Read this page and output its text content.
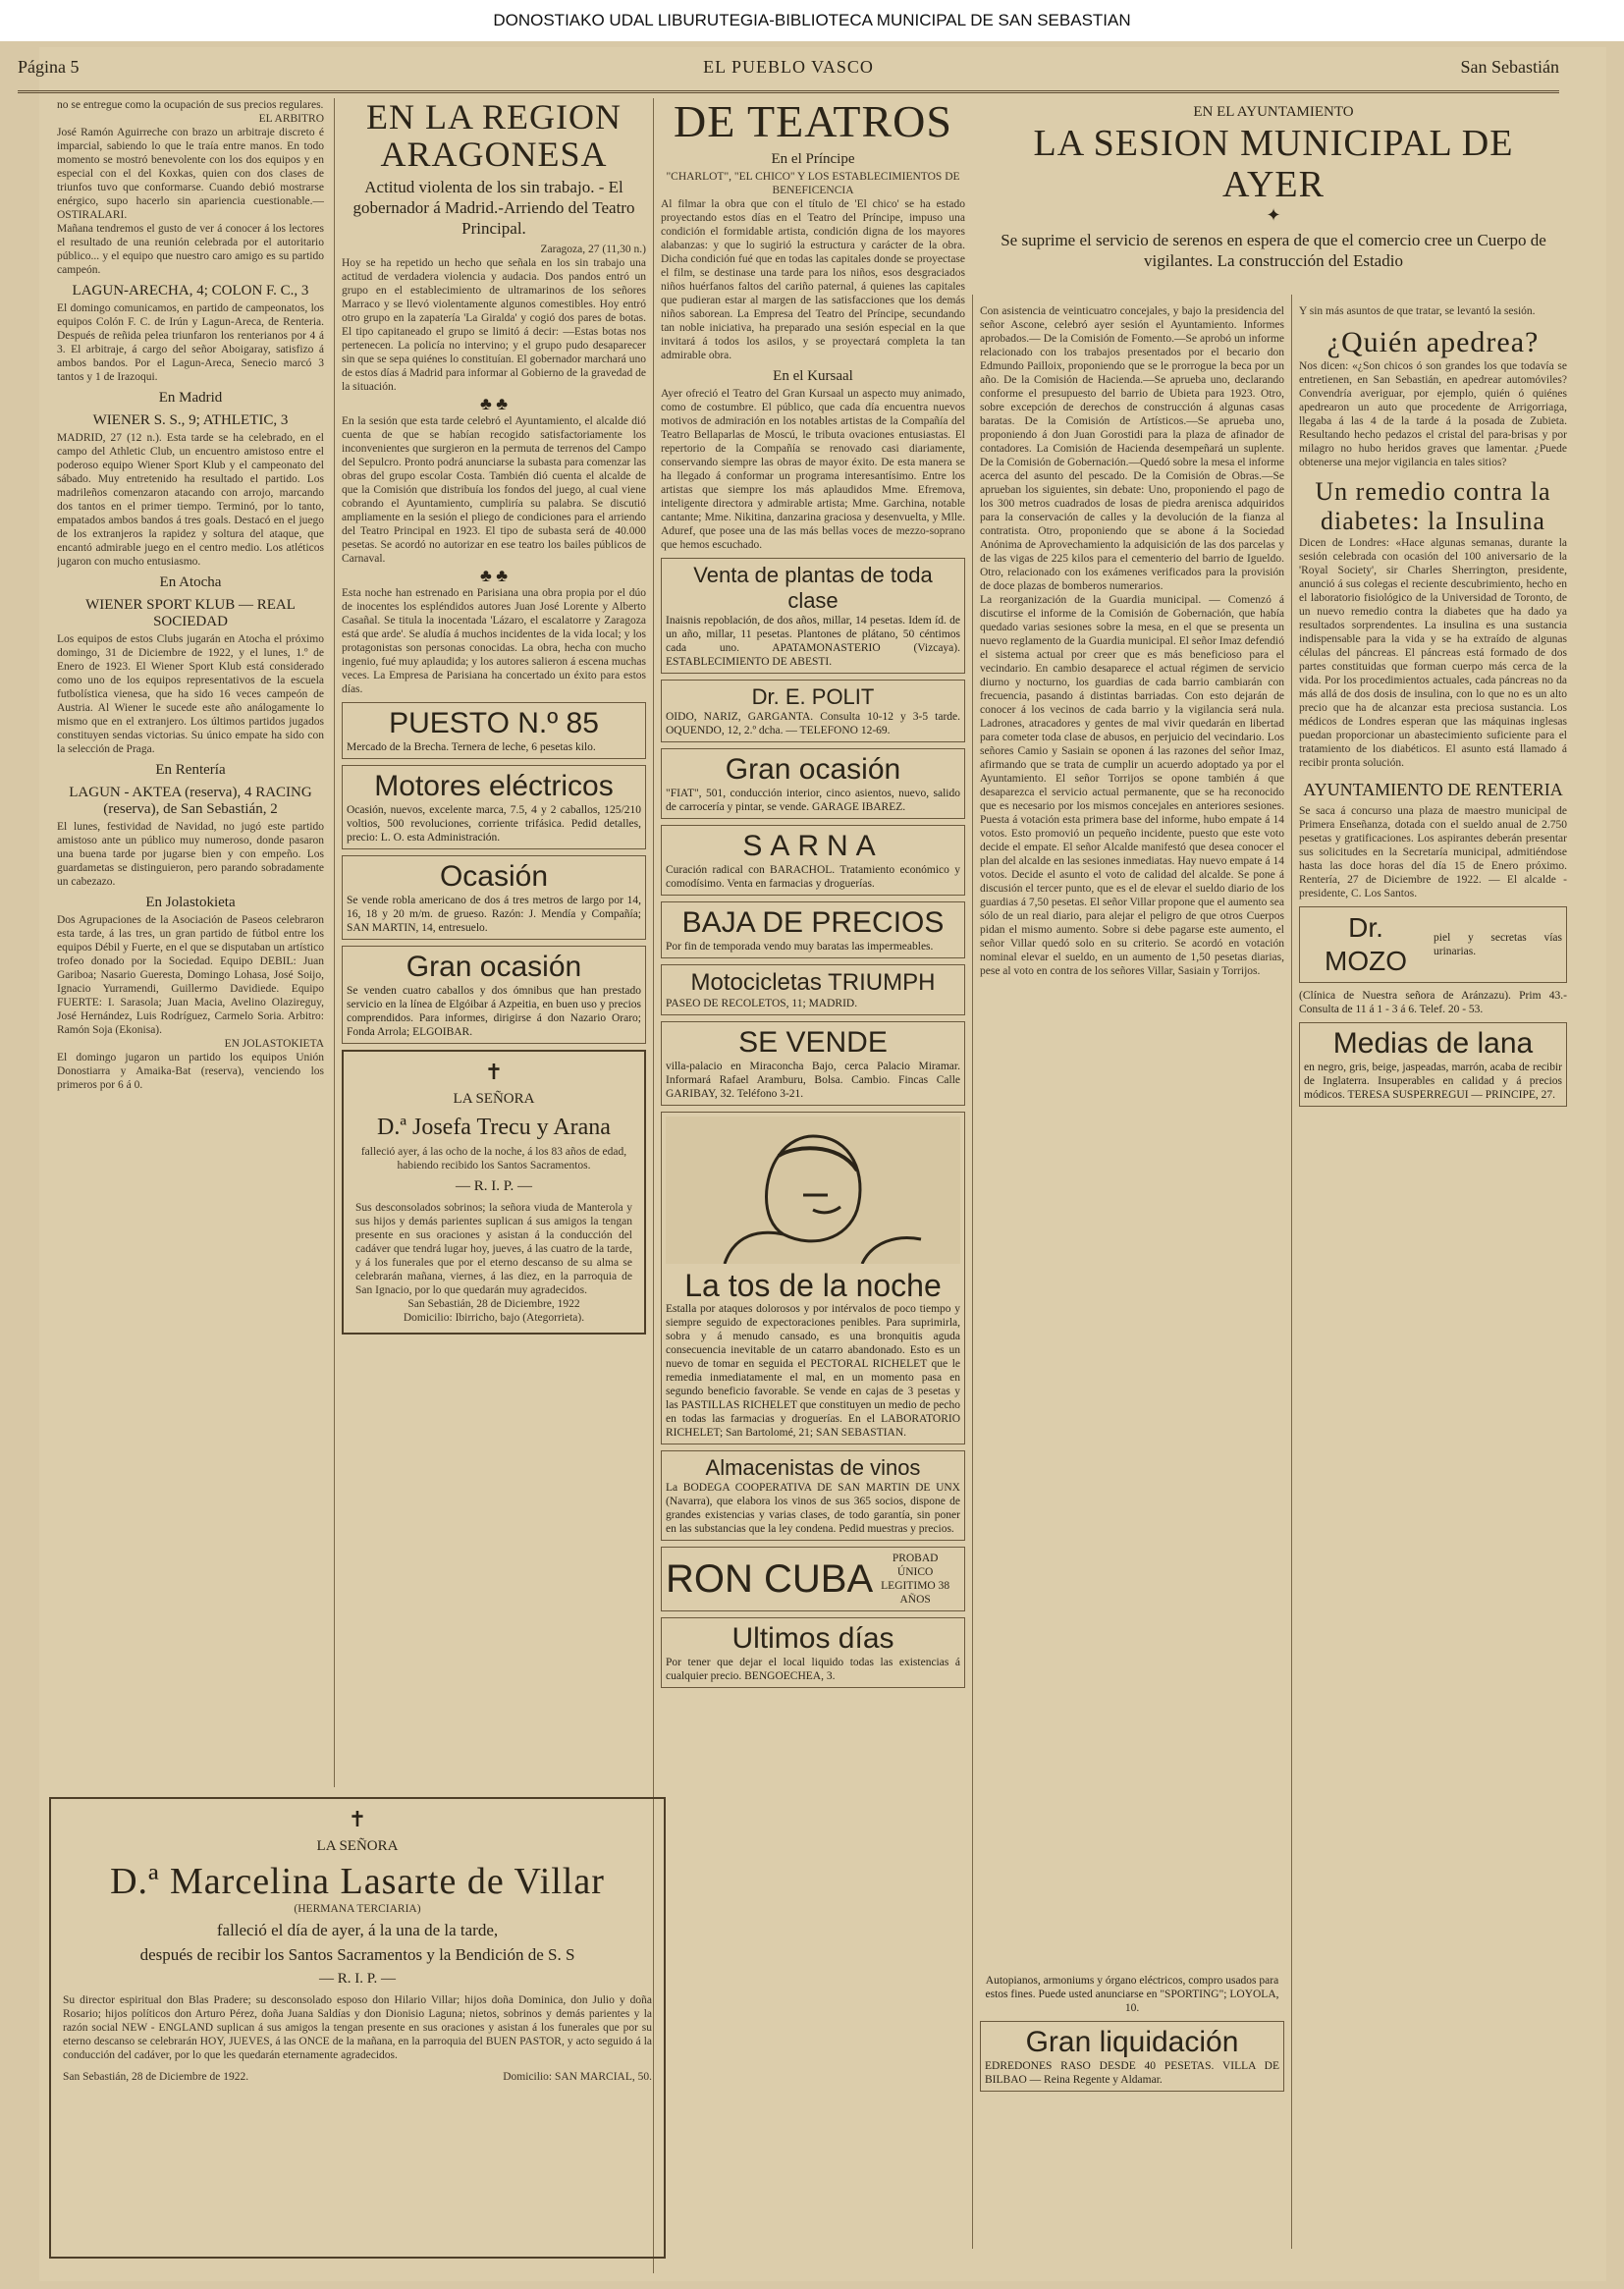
DONOSTIAKO UDAL LIBURUTEGIA-BIBLIOTECA MUNICIPAL DE SAN SEBASTIAN
Página 5	EL PUEBLO VASCO	San Sebastián
no se entregue como la ocupación de sus precios regulares.
EL ARBITRO
José Ramón Aguirreche con brazo un arbitraje discreto é imparcial, sabiendo lo que le traía entre manos. En todo momento se mostró benevolente con los dos equipos y en especial con el del Koxkas, quien con dos clases de triunfos tuvo que conformarse. Cuando debió mostrarse enérgico, supo hacerlo sin apariencia cuestionable.— OSTIRALARI.
Mañana tendremos el gusto de ver á conocer á los lectores el resultado de una reunión celebrada por el autoritario público... y el equipo que nuestro caro amigo es su partido campeón.
LAGUN-ARECHA, 4; COLON F. C., 3
El domingo comunicamos, en partido de campeonatos, los equipos Colón F. C. de Irún y Lagun-Areca, de Renteria. Después de reñida pelea triunfaron los renterianos por 4 á 3. El arbitraje, á cargo del señor Aboigaray, satisfizo á ambos bandos. Por el Lagun-Areca, Senecio marcó 3 tantos y 1 de Irazoqui.
En Madrid
WIENER S. S., 9; ATHLETIC, 3
MADRID, 27 (12 n.). Esta tarde se ha celebrado, en el campo del Athletic Club, un encuentro amistoso entre el poderoso equipo Wiener Sport Klub y el campeonato del sábado. Muy entretenido ha resultado el partido. Los madrileños comenzaron atacando con arrojo, marcando dos tantos en el primer tiempo. Terminó, por lo tanto, empatados ambos bandos á tres goals. Destacó en el juego de los extranjeros la rapidez y soltura del ataque, que encantó admirable juego en el centro medio. Los atléticos jugaron con mucho entusiasmo.
En Atocha
WIENER SPORT KLUB — REAL SOCIEDAD
Los equipos de estos Clubs jugarán en Atocha el próximo domingo, 31 de Diciembre de 1922, y el lunes, 1.º de Enero de 1923. El Wiener Sport Klub está considerado como uno de los equipos representativos de la escuela futbolística vienesa, que ha sido 16 veces campeón de Austria. Al Wiener le sucede este año análogamente lo mismo que en el extranjero. Los últimos partidos jugados constituyen sendas victorias. Su único empate ha sido con la selección de Praga.
En Rentería
LAGUN - AKTEA (reserva), 4 RACING (reserva), de San Sebastián, 2
El lunes, festividad de Navidad, no jugó este partido amistoso ante un público muy numeroso, donde pasaron una buena tarde por jugarse bien y con empeño. Los guardametas se distinguieron, pero parando sobradamente un cabezazo.
En Jolastokieta
Dos Agrupaciones de la Asociación de Paseos celebraron esta tarde, á las tres, un gran partido de fútbol entre los equipos Débil y Fuerte, en el que se disputaban un artístico trofeo donado por la Sociedad. Equipo DEBIL: Juan Gariboa; Nasario Gueresta, Domingo Lohasa, José Soijo, Ignacio Yurramendi, Guillermo Davidiede. Equipo FUERTE: I. Sarasola; Juan Macia, Avelino Olazireguy, José Hernández, Luis Rodríguez, Carmelo Soria. Arbitro: Ramón Soja (Ekonisa).
EN JOLASTOKIETA
El domingo jugaron un partido los equipos Unión Donostiarra y Amaika-Bat (reserva), venciendo los primeros por 6 á 0.
EN LA REGION ARAGONESA
Actitud violenta de los sin trabajo. - El gobernador á Madrid.-Arriendo del Teatro Principal.
Zaragoza, 27 (11,30 n.)
Hoy se ha repetido un hecho que señala en los sin trabajo una actitud de verdadera violencia y audacia. Dos pandos entró un grupo en el establecimiento de ultramarinos de los señores Marraco y se llevó violentamente algunos comestibles. Hoy entró otro grupo en la zapatería 'La Giralda' y cogió dos pares de botas. El tipo capitaneado el grupo se limitó á decir: —Estas botas nos pertenecen. La policía no intervino; y el grupo pudo desaparecer sin que se sepa quiénes lo constituían. El gobernador marchará uno de estos días á Madrid para informar al Gobierno de la gravedad de la situación.
♣ ♣
En la sesión que esta tarde celebró el Ayuntamiento, el alcalde dió cuenta de que se habían recogido satisfactoriamente los inconvenientes que surgieron en la permuta de terrenos del Campo del Sepulcro. Pronto podrá anunciarse la subasta para comenzar las obras del grupo escolar Costa. También dió cuenta el alcalde de que la Comisión que distribuía los fondos del juego, al cual viene cobrando el Ayuntamiento, cumpliría su palabra. Se discutió ampliamente en la sesión el pliego de condiciones para el arriendo del Teatro Principal en 1923. El tipo de subasta será de 40.000 pesetas. Se acordó no autorizar en ese teatro los bailes públicos de Carnaval.
♣ ♣
Esta noche han estrenado en Parisiana una obra propia por el dúo de inocentes los espléndidos autores Juan José Lorente y Alberto Casañal. Se titula la inocentada 'Lázaro, el escalatorre y Zaragoza está que arde'. Se aludía á muchos incidentes de la vida local; y los protagonistas son personas conocidas. La obra, hecha con mucho ingenio, fué muy aplaudida; y los autores salieron á escena muchas veces. La Empresa de Parisiana ha concertado un éxito para estos días.
PUESTO N.º 85
Mercado de la Brecha. Ternera de leche, 6 pesetas kilo.
Motores eléctricos
Ocasión, nuevos, excelente marca, 7.5, 4 y 2 caballos, 125/210 voltios, 500 revoluciones, corriente trifásica. Pedid detalles, precio: L. O. esta Administración.
Ocasión
Se vende robla americano de dos á tres metros de largo por 14, 16, 18 y 20 m/m. de grueso. Razón: J. Mendía y Compañía; SAN MARTIN, 14, entresuelo.
Gran ocasión
Se venden cuatro caballos y dos ómnibus que han prestado servicio en la línea de Elgóibar á Azpeitia, en buen uso y precios comprendidos. Para informes, dirigirse á don Nazario Oraro; Fonda Arrola; ELGOIBAR.
✝
LA SEÑORA
D.ª Josefa Trecu y Arana
falleció ayer, á las ocho de la noche, á los 83 años de edad, habiendo recibido los Santos Sacramentos.
— R. I. P. —
Sus desconsolados sobrinos; la señora viuda de Manterola y sus hijos y demás parientes suplican á sus amigos la tengan presente en sus oraciones y asistan á la conducción del cadáver que tendrá lugar hoy, jueves, á las cuatro de la tarde, y á los funerales que por el eterno descanso de su alma se celebrarán mañana, viernes, á las diez, en la parroquia de San Ignacio, por lo que quedarán muy agradecidos.
San Sebastián, 28 de Diciembre, 1922
Domicilio: Ibirricho, bajo (Ategorrieta).
DE TEATROS
En el Príncipe
"CHARLOT", "EL CHICO" Y LOS ESTABLECIMIENTOS DE BENEFICENCIA
Al filmar la obra que con el título de 'El chico' se ha estado proyectando estos días en el Teatro del Príncipe, impuso una condición el formidable artista, condición digna de los mayores alabanzas: y que lo sugirió la estructura y carácter de la obra. Dicha condición fué que en todas las capitales donde se proyectase el film, se destinase una tarde para los niños, esos desgraciados niños huérfanos faltos del cariño paternal, á quienes las capitales que pudieran estar al margen de las satisfacciones que los demás niños saborean. La Empresa del Teatro del Príncipe, secundando tan noble iniciativa, ha preparado una sesión especial en la que invitará á todos los asilos, y se proyectará completa la tan admirable obra.
En el Kursaal
Ayer ofreció el Teatro del Gran Kursaal un aspecto muy animado, como de costumbre. El público, que cada día encuentra nuevos motivos de admiración en los notables artistas de la Compañía del Teatro Bellaparlas de Moscú, le tributa ovaciones entusiastas. El repertorio de la Compañía se renovado casi diariamente, conservando siempre las obras de mayor éxito. De esta manera se ha llegado á conformar un programa interesantísimo. Entre los artistas que siempre los más aplaudidos Mme. Efremova, inteligente directora y admirable artista; Mme. Garchina, notable cantante; Mme. Nikitina, danzarina graciosa y desenvuelta, y Mlle. Aduref, que posee una de las más bellas voces de mezzo-soprano que hemos escuchado.
Venta de plantas de toda clase
Inaisnis repoblación, de dos años, millar, 14 pesetas. Idem íd. de un año, millar, 11 pesetas. Plantones de plátano, 50 céntimos cada uno. APATAMONASTERIO (Vizcaya). ESTABLECIMIENTO DE ABESTI.
Dr. E. POLIT
OIDO, NARIZ, GARGANTA. Consulta 10-12 y 3-5 tarde. OQUENDO, 12, 2.º dcha. — TELEFONO 12-69.
Gran ocasión
"FIAT", 501, conducción interior, cinco asientos, nuevo, salido de carrocería y pintar, se vende. GARAGE IBAREZ.
SARNA
Curación radical con BARACHOL. Tratamiento económico y comodísimo. Venta en farmacias y droguerías.
BAJA DE PRECIOS
Por fin de temporada vendo muy baratas las impermeables.
Motocicletas TRIUMPH
PASEO DE RECOLETOS, 11; MADRID.
SE VENDE
villa-palacio en Miraconcha Bajo, cerca Palacio Miramar. Informará Rafael Aramburu, Bolsa. Cambio. Fincas Calle GARIBAY, 32. Teléfono 3-21.
La tos de la noche
Estalla por ataques dolorosos y por intérvalos de poco tiempo y siempre seguido de expectoraciones penibles. Para suprimirla, sobra y á menudo cansado, es una bronquitis aguda consecuencia inevitable de un catarro abandonado. Esto es un nuevo de tomar en seguida el PECTORAL RICHELET que le remedia inmediatamente el mal, en un momento pasa en segundo beneficio favorable. Se vende en cajas de 3 pesetas y las PASTILLAS RICHELET que constituyen un medio de pecho en todas las farmacias y droguerías. En el LABORATORIO RICHELET; San Bartolomé, 21; SAN SEBASTIAN.
Almacenistas de vinos
La BODEGA COOPERATIVA DE SAN MARTIN DE UNX (Navarra), que elabora los vinos de sus 365 socios, dispone de grandes existencias y varias clases, de todo garantía, sin poner en las substancias que la ley condena. Pedid muestras y precios.
RON CUBA	PROBAD ÚNICO LEGITIMO 38 AÑOS
Ultimos días
Por tener que dejar el local liquido todas las existencias á cualquier precio. BENGOECHEA, 3.
EN EL AYUNTAMIENTO
LA SESION MUNICIPAL DE AYER
✦
Se suprime el servicio de serenos en espera de que el comercio cree un Cuerpo de vigilantes. La construcción del Estadio
Con asistencia de veinticuatro concejales, y bajo la presidencia del señor Ascone, celebró ayer sesión el Ayuntamiento. Informes aprobados.— De la Comisión de Fomento.—Se aprobó un informe relacionado con los trabajos presentados por el becario don Edmundo Pailloix, proponiendo que se le prorrogue la beca por un año. De la Comisión de Hacienda.—Se aprueba uno, declarando conforme el presupuesto del barrio de Ubieta para 1923. Otro, sobre excepción de derechos de construcción á algunas casas baratas. De la Comisión de Artísticos.—Se aprueba uno, proponiendo á don Juan Gorostidi para la plaza de afinador de contadores. La Comisión de Hacienda desempeñará un suplente. De la Comisión de Gobernación.—Quedó sobre la mesa el informe acerca del asunto del pescado. De la Comisión de Obras.—Se aprueban los siguientes, sin debate: Uno, proponiendo el pago de los 300 metros cuadrados de losas de piedra arenisca adquiridos para la conservación de calles y la devolución de la fianza al contratista. Otro, proponiendo que se abone á la Sociedad Anónima de Aprovechamiento la adquisición de las dos parcelas y de las vigas de 225 kilos para el cementerio del barrio de Igueldo. Otro, relacionado con los exámenes verificados para la provisión de doce plazas de bomberos numerarios.
La reorganización de la Guardia municipal. — Comenzó á discutirse el informe de la Comisión de Gobernación, que había quedado varias sesiones sobre la mesa, en el que se presenta un nuevo reglamento de la Guardia municipal. El señor Imaz defendió el sistema actual por creer que es más beneficioso para el vecindario. En cambio desaparece el actual régimen de servicio diurno y nocturno, los guardias de cada barrio cambiarán con frecuencia, pasando á distintas barriadas. Con esto dejarán de conocer á los vecinos de cada barrio y la vigilancia será nula. Ladrones, atracadores y gentes de mal vivir quedarán en libertad para cometer toda clase de abusos, en perjuicio del vecindario. Los señores Camio y Sasiain se oponen á las razones del señor Imaz, afirmando que se trata de cumplir un acuerdo adoptado ya por el Ayuntamiento. El señor Torrijos se opone también á que desaparezca el servicio actual permanente, que se ha reconocido que es necesario por los mismos concejales en anteriores sesiones. Puesta á votación esta primera base del informe, hubo empate á 14 votos. Esto promovió un pequeño incidente, puesto que este voto decide el empate. El señor Alcalde manifestó que desea conocer el plan del alcalde en las sesiones inmediatas. Hay nuevo empate á 14 votos. Decide el asunto el voto de calidad del alcalde. Se pone á discusión el tercer punto, que es el de elevar el sueldo diario de los guardias á 7,50 pesetas. El señor Villar propone que el aumento sea sólo de un real diario, para alejar el peligro de que otros Cuerpos pidan el mismo aumento. Sobre si debe pagarse este aumento, el señor Villar quedó solo en su criterio. Se acordó en votación nominal elevar el sueldo, en un aumento de 1,50 pesetas diarias, pese al voto en contra de los señores Villar, Sasiain y Torrijos.
Y sin más asuntos de que tratar, se levantó la sesión.
¿Quién apedrea?
Nos dicen: «¿Son chicos ó son grandes los que todavía se entretienen, en San Sebastián, en apedrear automóviles? Convendría averiguar, por ejemplo, quién ó quiénes apedrearon un auto que procedente de Arrigorriaga, llegaba á las 4 de la tarde á la posada de Zubieta. Resultando hecho pedazos el cristal del para-brisas y por milagro no hubo heridos graves que lamentar. ¿Puede obtenerse una mejor vigilancia en tales sitios?
Un remedio contra la diabetes: la Insulina
Dicen de Londres: «Hace algunas semanas, durante la sesión celebrada con ocasión del 100 aniversario de la 'Royal Society', sir Charles Sherrington, presidente, anunció á sus colegas el reciente descubrimiento, hecho en el laboratorio fisiológico de la Universidad de Toronto, de un nuevo remedio contra la diabetes que ha dado ya resultados sorprendentes. La insulina es una sustancia indispensable para la vida y se ha extraído de algunas células del páncreas. El páncreas está formado de dos partes constituidas que forman cuerpo más cerca de la vida. Por los procedimientos actuales, cada páncreas no da más allá de dos dosis de insulina, con lo que no es un alto precio que ha de alcanzar esta preciosa sustancia. Los médicos de Londres esperan que las máquinas inglesas puedan proporcionar un abastecimiento suficiente para el tratamiento de los diabéticos. El asunto está llamado á recibir pronta solución.
AYUNTAMIENTO DE RENTERIA
Se saca á concurso una plaza de maestro municipal de Primera Enseñanza, dotada con el sueldo anual de 2.750 pesetas y gratificaciones. Los aspirantes deberán presentar sus solicitudes en la Secretaría municipal, admitiéndose hasta las doce horas del día 15 de Enero próximo. Rentería, 27 de Diciembre de 1922. — El alcalde - presidente, C. Los Santos.
Dr. MOZO
piel y secretas vías urinarias.
(Clínica de Nuestra señora de Aránzazu). Prim 43.-Consulta de 11 á 1 - 3 á 6. Telef. 20 - 53.
Medias de lana
en negro, gris, beige, jaspeadas, marrón, acaba de recibir de Inglaterra. Insuperables en calidad y á precios módicos. TERESA SUSPERREGUI — PRINCIPE, 27.
Autopianos, armoniums y órgano eléctricos, compro usados para estos fines. Puede usted anunciarse en "SPORTING"; LOYOLA, 10.
Gran liquidación
EDREDONES RASO DESDE 40 PESETAS. VILLA DE BILBAO — Reina Regente y Aldamar.
✝
LA SEÑORA
D.ª Marcelina Lasarte de Villar
(HERMANA TERCIARIA)
falleció el día de ayer, á la una de la tarde,
después de recibir los Santos Sacramentos y la Bendición de S. S
— R. I. P. —
Su director espiritual don Blas Pradere; su desconsolado esposo don Hilario Villar; hijos doña Dominica, don Julio y doña Rosario; hijos políticos don Arturo Pérez, doña Juana Saldías y don Dionisio Laguna; nietos, sobrinos y demás parientes y la razón social NEW - ENGLAND suplican á sus amigos la tengan presente en sus oraciones y asistan á los funerales que por su eterno descanso se celebrarán HOY, JUEVES, á las ONCE de la mañana, en la parroquia del BUEN PASTOR, y acto seguido á la conducción del cadáver, por lo que les quedarán eternamente agradecidos.
San Sebastián, 28 de Diciembre de 1922.	Domicilio: SAN MARCIAL, 50.
